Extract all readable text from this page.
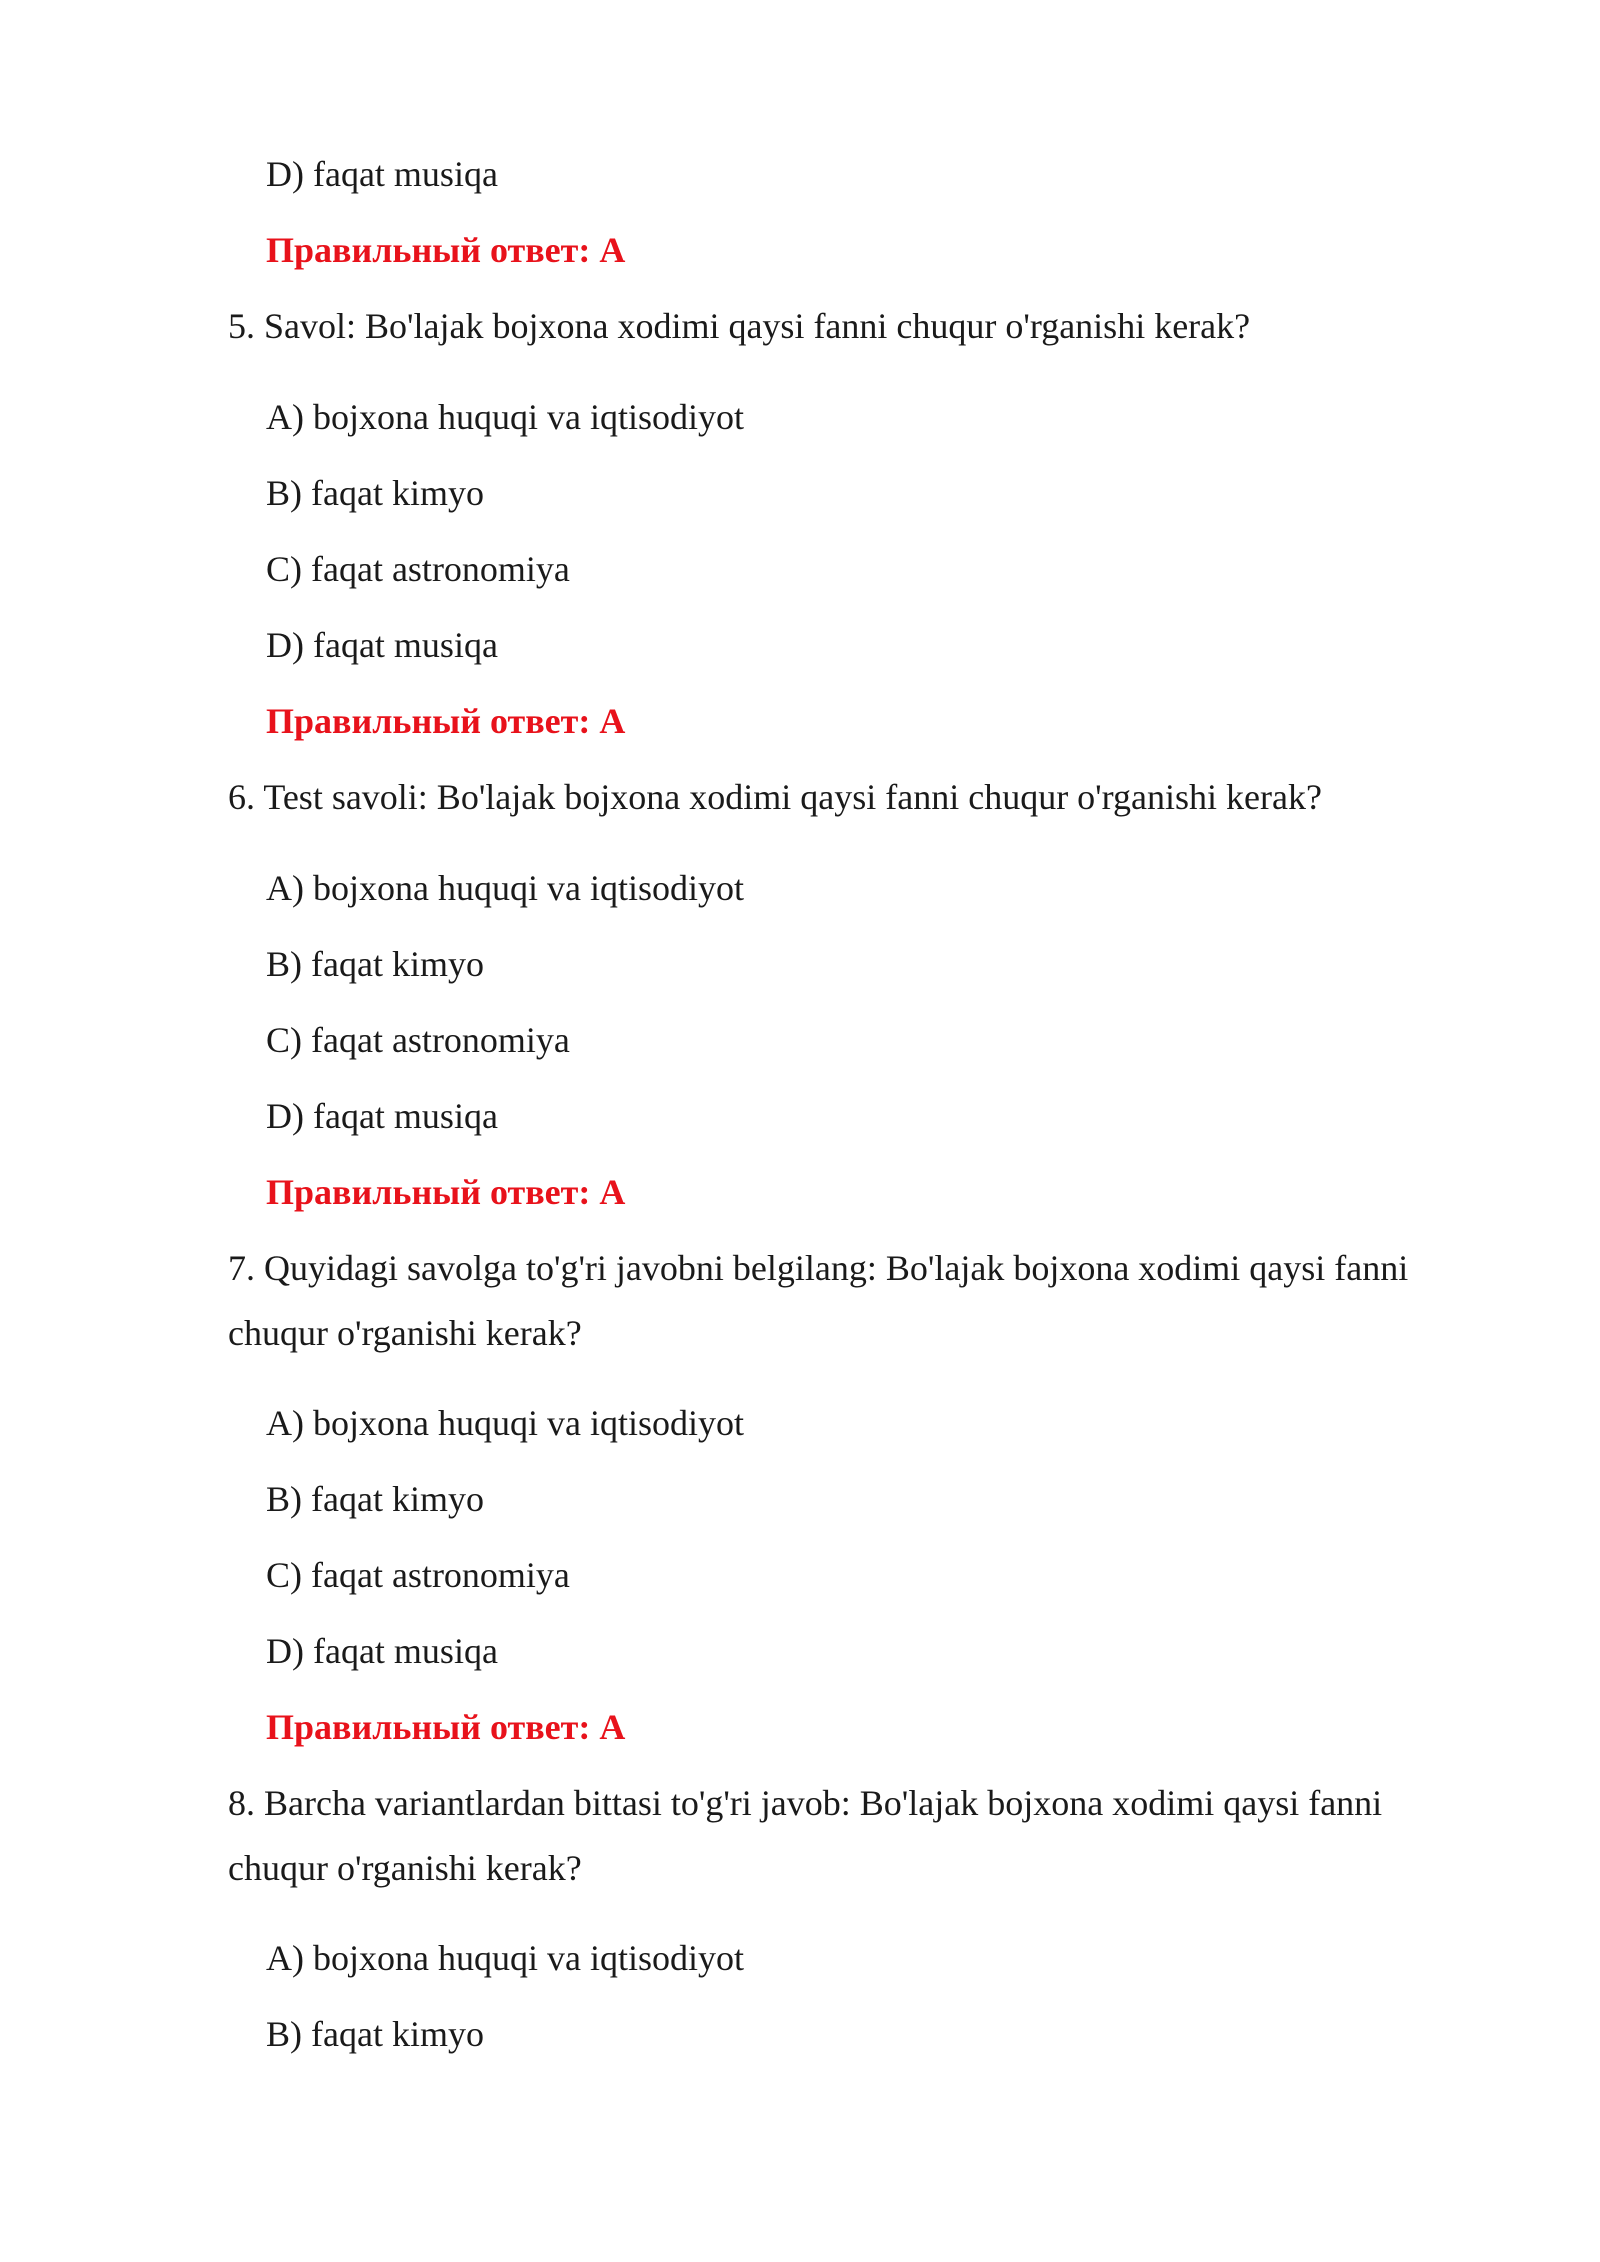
D) faqat musiqa
Правильный ответ: A
5. Savol: Bo'lajak bojxona xodimi qaysi fanni chuqur o'rganishi kerak?
A) bojxona huquqi va iqtisodiyot
B) faqat kimyo
C) faqat astronomiya
D) faqat musiqa
Правильный ответ: A
6. Test savoli: Bo'lajak bojxona xodimi qaysi fanni chuqur o'rganishi kerak?
A) bojxona huquqi va iqtisodiyot
B) faqat kimyo
C) faqat astronomiya
D) faqat musiqa
Правильный ответ: A
7. Quyidagi savolga to'g'ri javobni belgilang: Bo'lajak bojxona xodimi qaysi fanni chuqur o'rganishi kerak?
A) bojxona huquqi va iqtisodiyot
B) faqat kimyo
C) faqat astronomiya
D) faqat musiqa
Правильный ответ: A
8. Barcha variantlardan bittasi to'g'ri javob: Bo'lajak bojxona xodimi qaysi fanni chuqur o'rganishi kerak?
A) bojxona huquqi va iqtisodiyot
B) faqat kimyo
